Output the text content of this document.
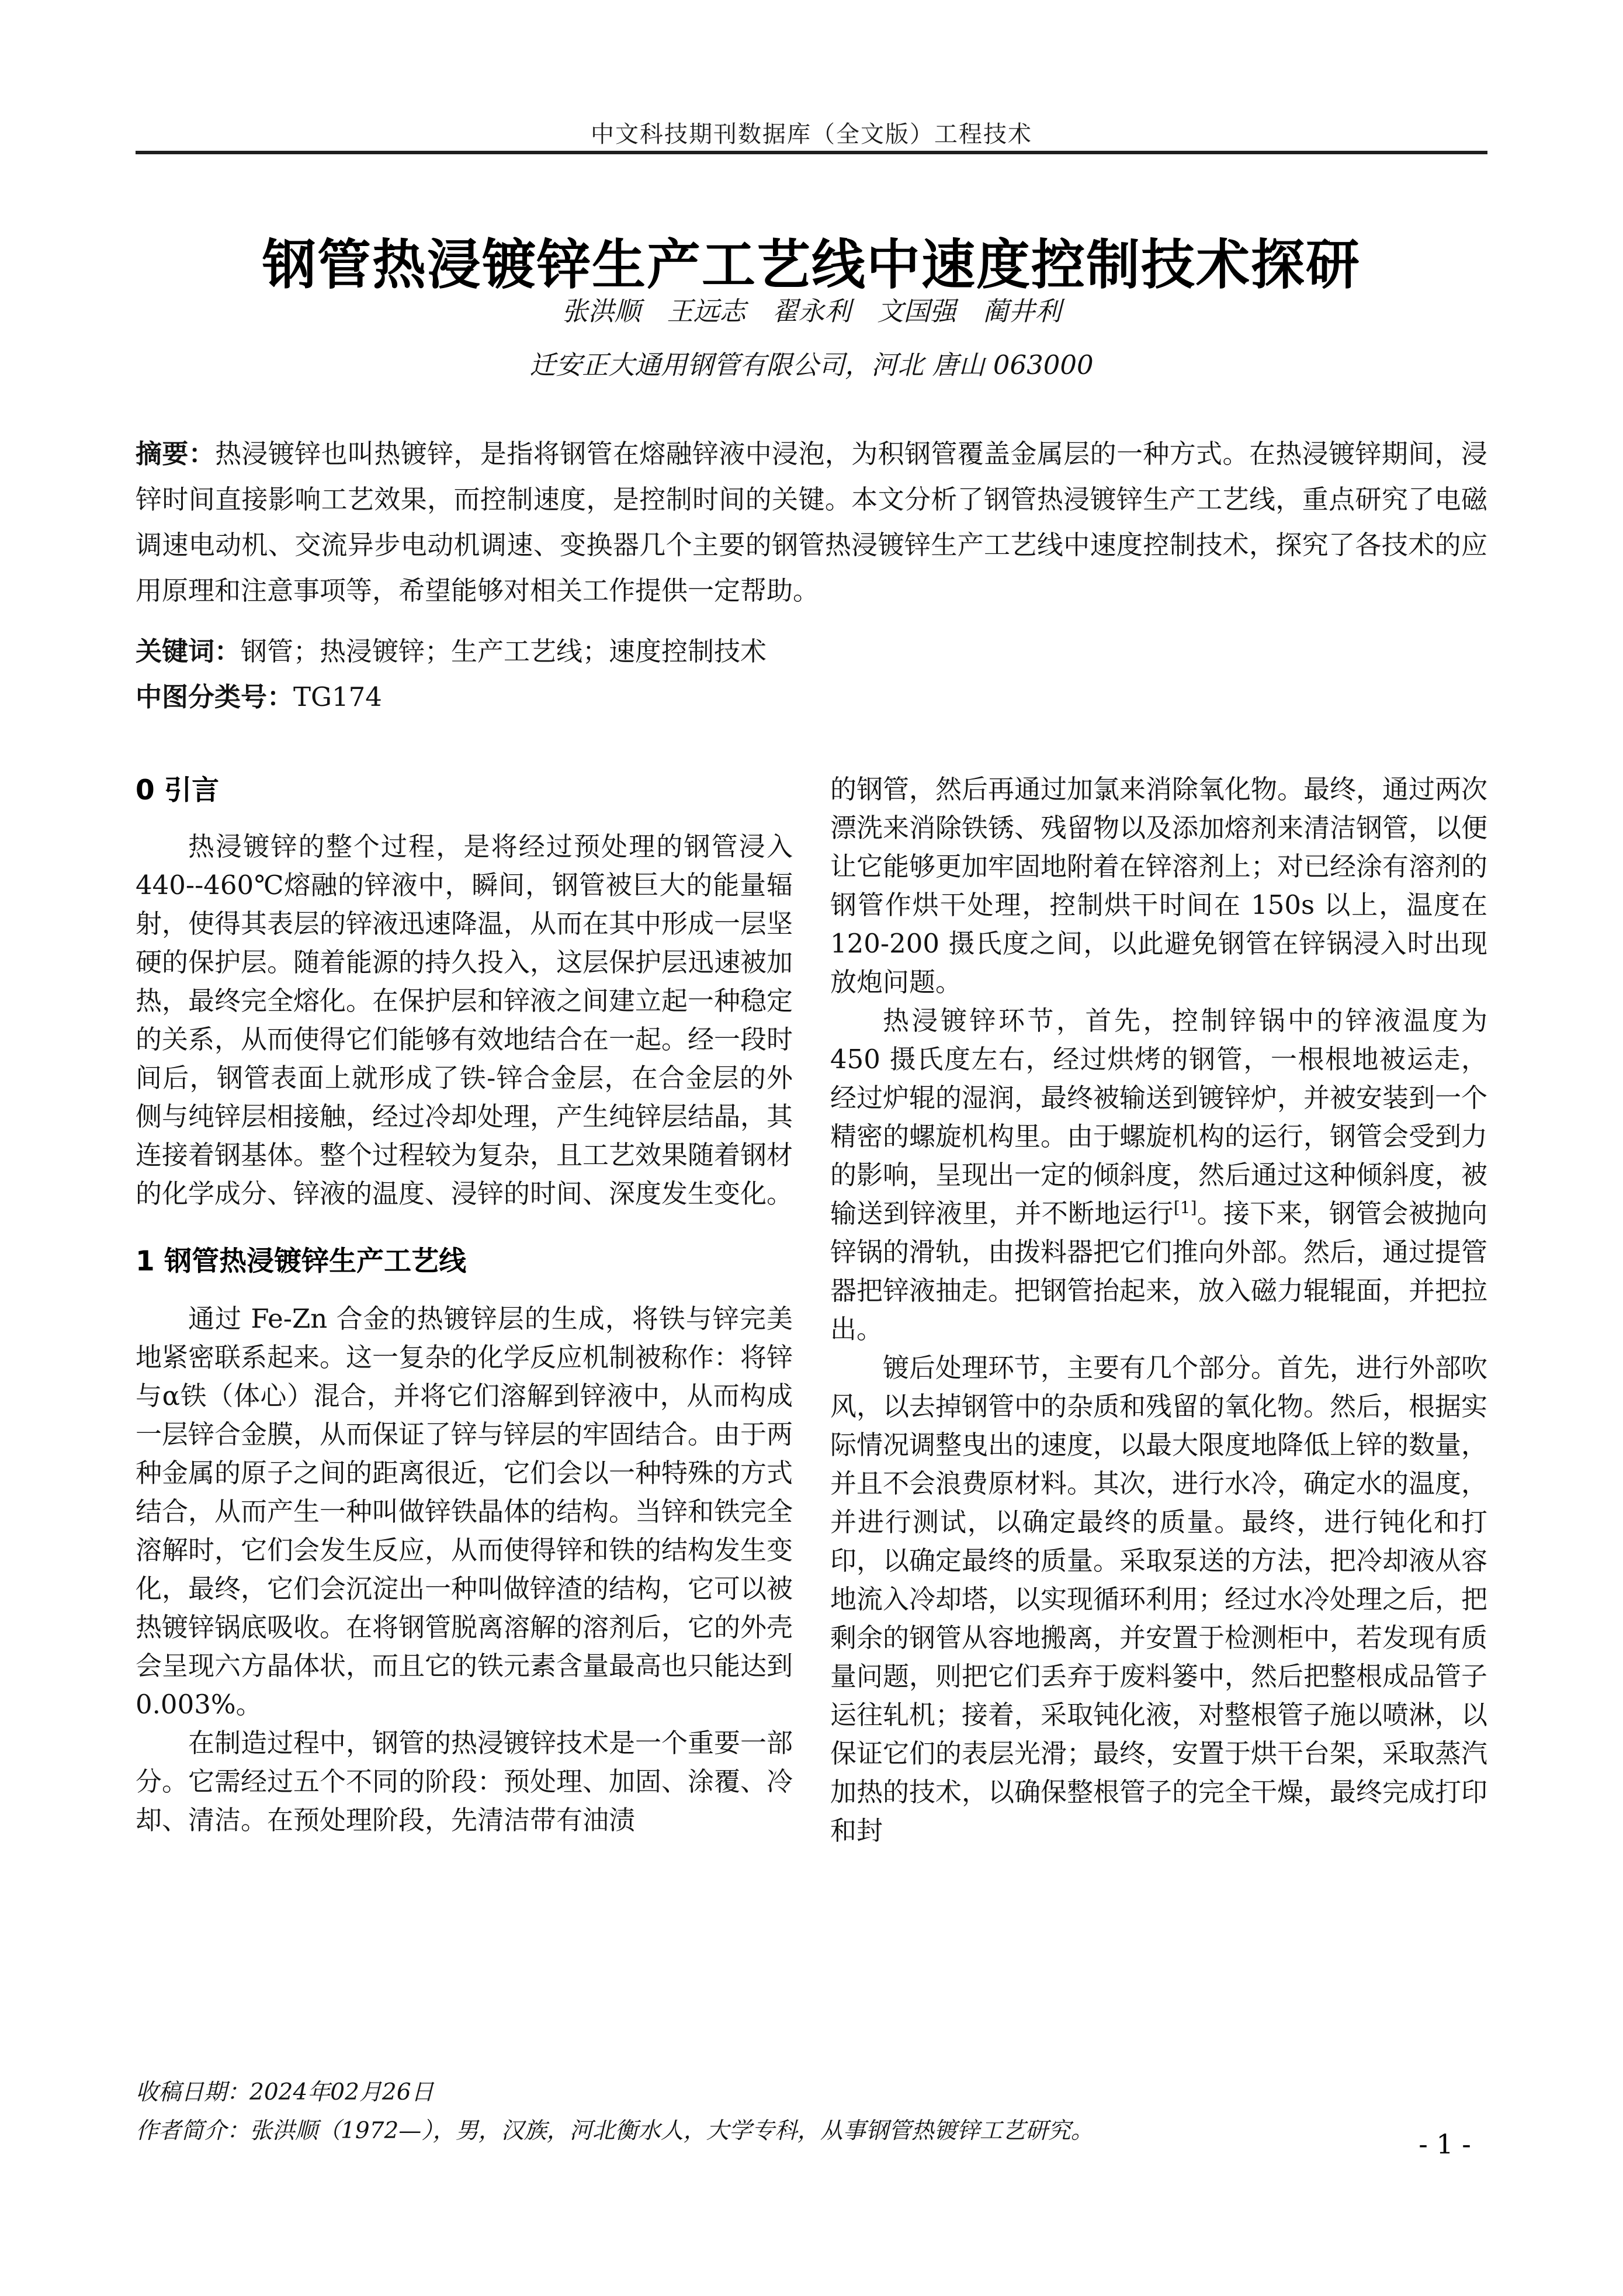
中文科技期刊数据库（全文版）工程技术
钢管热浸镀锌生产工艺线中速度控制技术探研
张洪顺　王远志　翟永利　文国强　蔺井利
迁安正大通用钢管有限公司，河北 唐山 063000

摘要：热浸镀锌也叫热镀锌，是指将钢管在熔融锌液中浸泡，为积钢管覆盖金属层的一种方式。在热浸镀锌期间，浸锌时间直接影响工艺效果，而控制速度，是控制时间的关键。本文分析了钢管热浸镀锌生产工艺线，重点研究了电磁调速电动机、交流异步电动机调速、变换器几个主要的钢管热浸镀锌生产工艺线中速度控制技术，探究了各技术的应用原理和注意事项等，希望能够对相关工作提供一定帮助。

关键词：钢管；热浸镀锌；生产工艺线；速度控制技术

中图分类号：TG174

0 引言

热浸镀锌的整个过程，是将经过预处理的钢管浸入 440--460℃熔融的锌液中，瞬间，钢管被巨大的能量辐射，使得其表层的锌液迅速降温，从而在其中形成一层坚硬的保护层。随着能源的持久投入，这层保护层迅速被加热，最终完全熔化。在保护层和锌液之间建立起一种稳定的关系，从而使得它们能够有效地结合在一起。经一段时间后，钢管表面上就形成了铁-锌合金层，在合金层的外侧与纯锌层相接触，经过冷却处理，产生纯锌层结晶，其连接着钢基体。整个过程较为复杂，且工艺效果随着钢材的化学成分、锌液的温度、浸锌的时间、深度发生变化。

1 钢管热浸镀锌生产工艺线

通过 Fe-Zn 合金的热镀锌层的生成，将铁与锌完美地紧密联系起来。这一复杂的化学反应机制被称作：将锌与α铁（体心）混合，并将它们溶解到锌液中，从而构成一层锌合金膜，从而保证了锌与锌层的牢固结合。由于两种金属的原子之间的距离很近，它们会以一种特殊的方式结合，从而产生一种叫做锌铁晶体的结构。当锌和铁完全溶解时，它们会发生反应，从而使得锌和铁的结构发生变化，最终，它们会沉淀出一种叫做锌渣的结构，它可以被热镀锌锅底吸收。在将钢管脱离溶解的溶剂后，它的外壳会呈现六方晶体状，而且它的铁元素含量最高也只能达到 0.003%。

在制造过程中，钢管的热浸镀锌技术是一个重要一部分。它需经过五个不同的阶段：预处理、加固、涂覆、冷却、清洁。在预处理阶段，先清洁带有油渍

的钢管，然后再通过加氯来消除氧化物。最终，通过两次漂洗来消除铁锈、残留物以及添加熔剂来清洁钢管，以便让它能够更加牢固地附着在锌溶剂上；对已经涂有溶剂的钢管作烘干处理，控制烘干时间在 150s 以上，温度在 120-200 摄氏度之间，以此避免钢管在锌锅浸入时出现放炮问题。

热浸镀锌环节，首先，控制锌锅中的锌液温度为 450 摄氏度左右，经过烘烤的钢管，一根根地被运走，经过炉辊的湿润，最终被输送到镀锌炉，并被安装到一个精密的螺旋机构里。由于螺旋机构的运行，钢管会受到力的影响，呈现出一定的倾斜度，然后通过这种倾斜度，被输送到锌液里，并不断地运行[1]。接下来，钢管会被抛向锌锅的滑轨，由拨料器把它们推向外部。然后，通过提管器把锌液抽走。把钢管抬起来，放入磁力辊辊面，并把拉出。

镀后处理环节，主要有几个部分。首先，进行外部吹风，以去掉钢管中的杂质和残留的氧化物。然后，根据实际情况调整曳出的速度，以最大限度地降低上锌的数量，并且不会浪费原材料。其次，进行水冷，确定水的温度，并进行测试，以确定最终的质量。最终，进行钝化和打印，以确定最终的质量。采取泵送的方法，把冷却液从容地流入冷却塔，以实现循环利用；经过水冷处理之后，把剩余的钢管从容地搬离，并安置于检测柜中，若发现有质量问题，则把它们丢弃于废料篓中，然后把整根成品管子运往轧机；接着，采取钝化液，对整根管子施以喷淋，以保证它们的表层光滑；最终，安置于烘干台架，采取蒸汽加热的技术，以确保整根管子的完全干燥，最终完成打印和封

收稿日期：2024年02月26日

作者简介：张洪顺（1972—），男，汉族，河北衡水人，大学专科，从事钢管热镀锌工艺研究。	- 1 -
